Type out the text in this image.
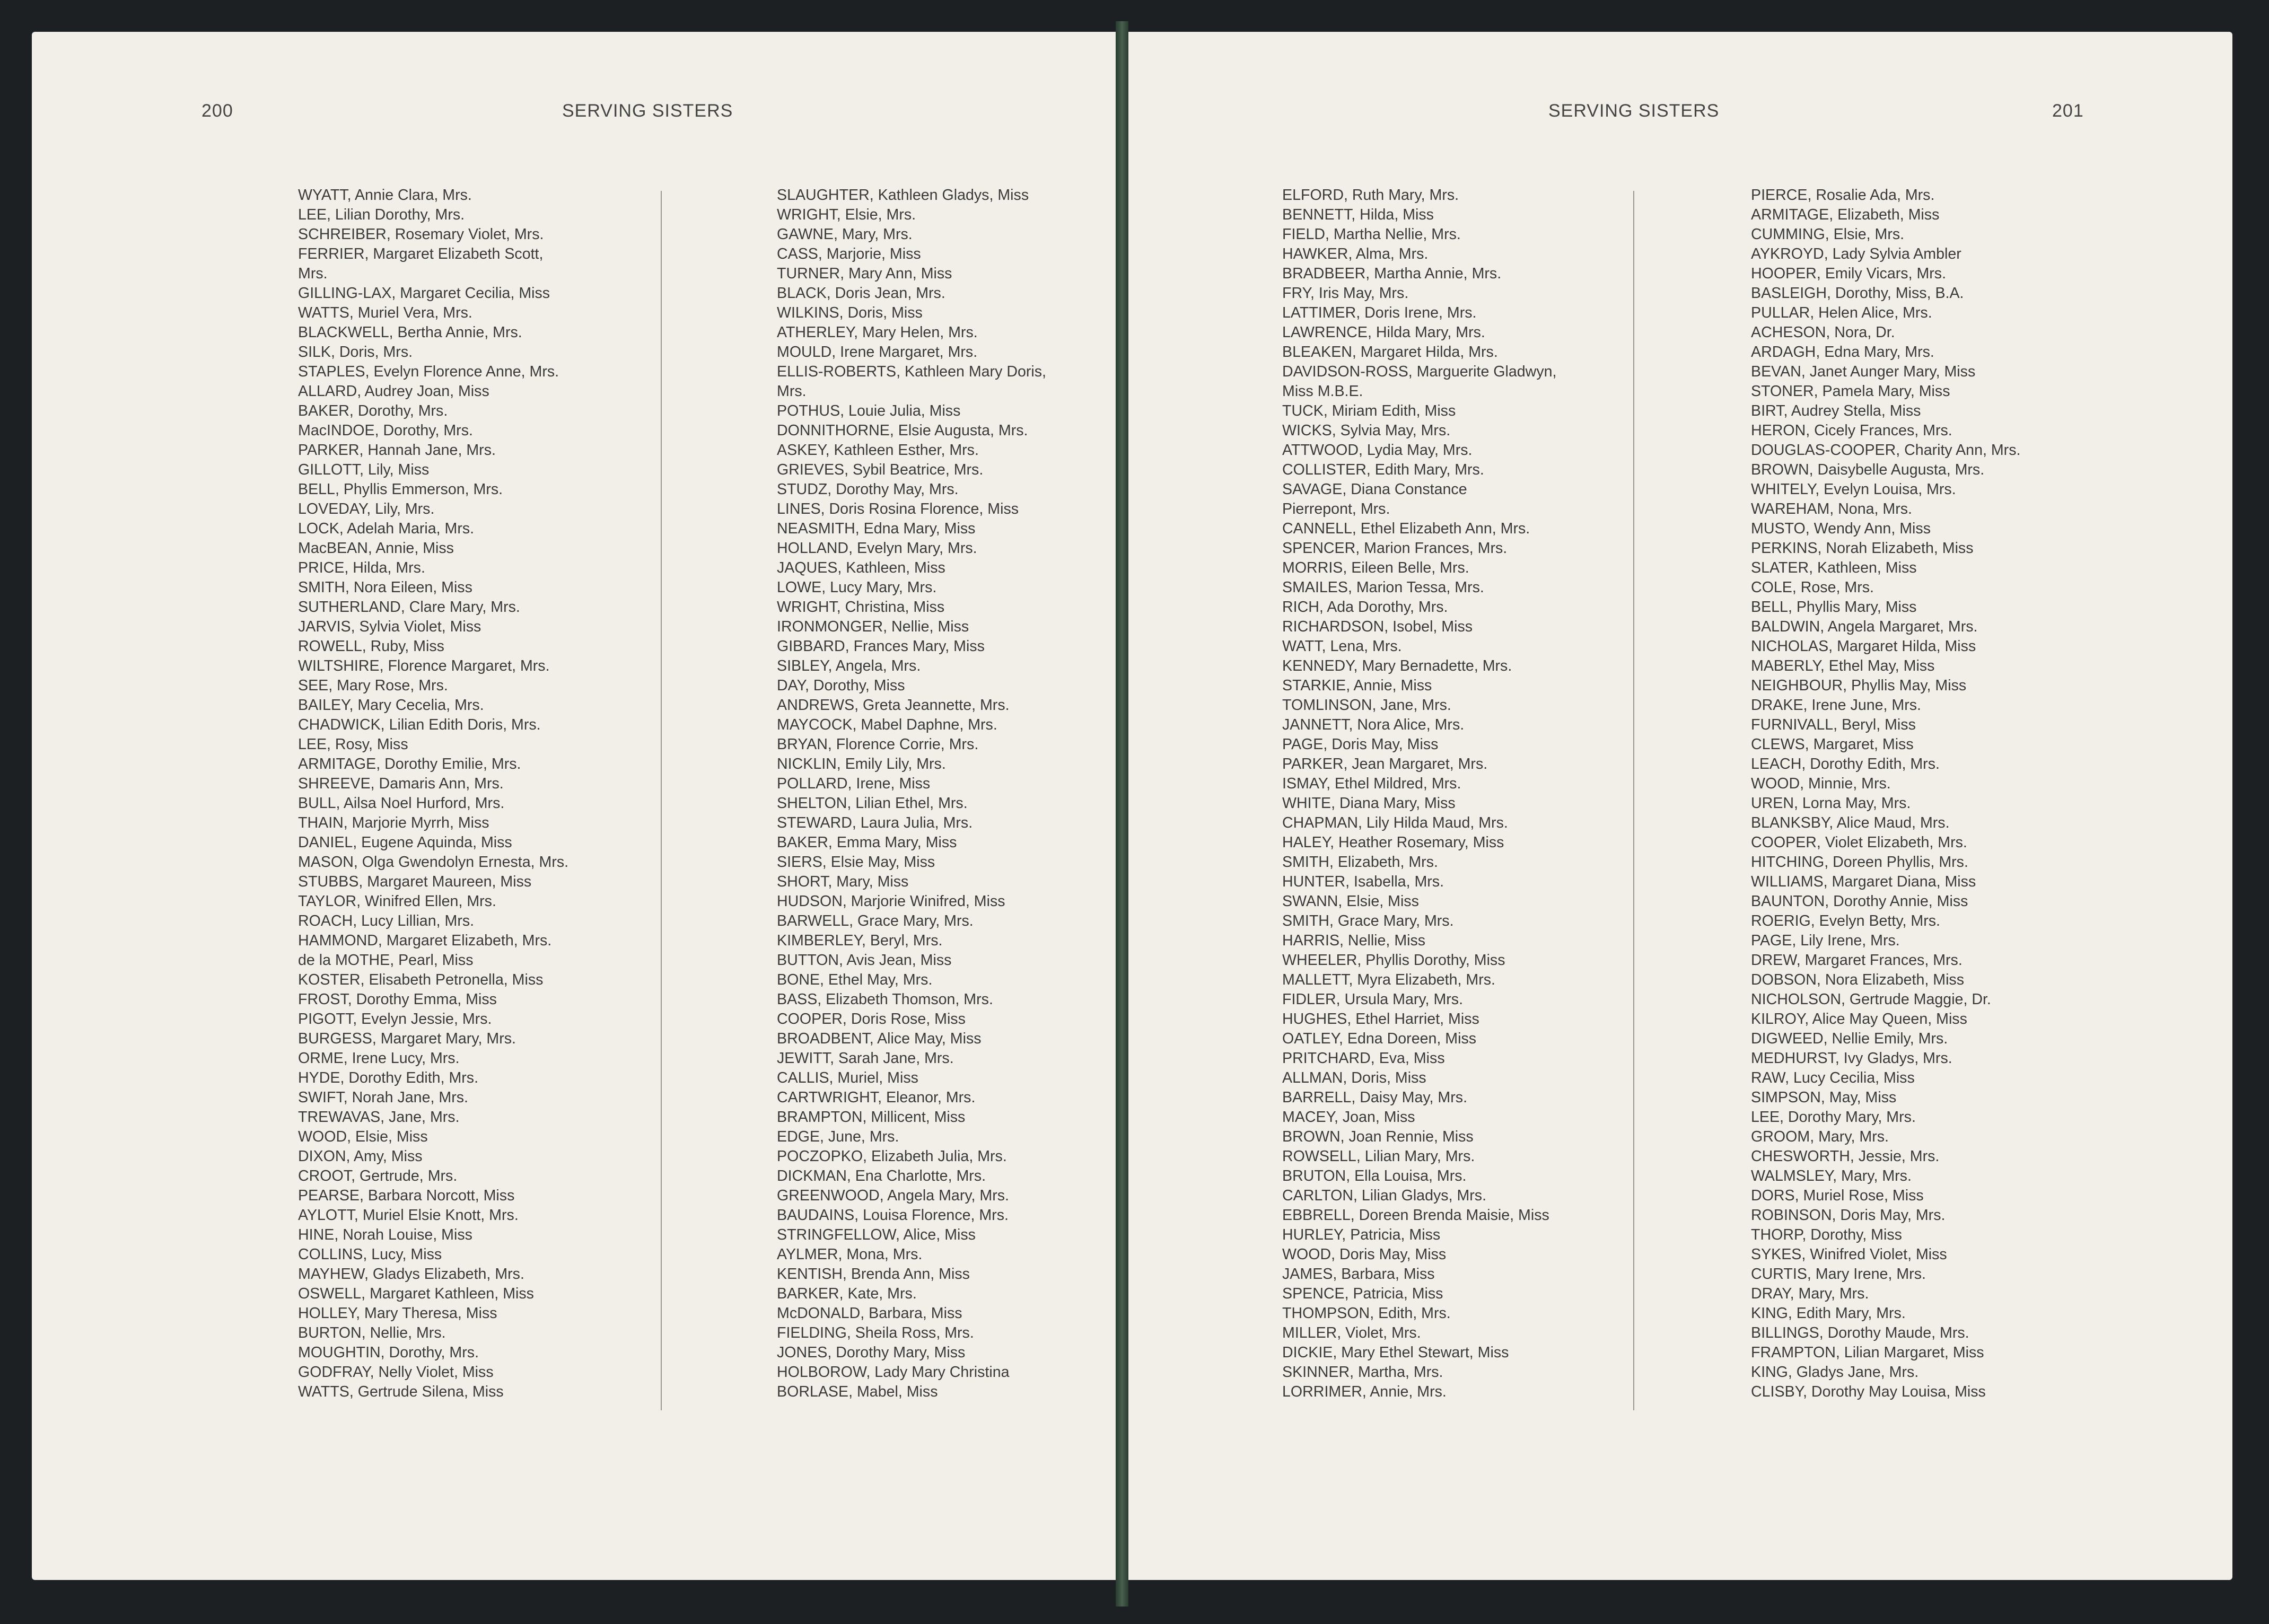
200	SERVING SISTERS	SERVING SISTERS	201
WYATT, Annie Clara, Mrs.
LEE, Lilian Dorothy, Mrs.
SCHREIBER, Rosemary Violet, Mrs.
FERRIER, Margaret Elizabeth Scott,
Mrs.
GILLING-LAX, Margaret Cecilia, Miss
WATTS, Muriel Vera, Mrs.
BLACKWELL, Bertha Annie, Mrs.
SILK, Doris, Mrs.
STAPLES, Evelyn Florence Anne, Mrs.
ALLARD, Audrey Joan, Miss
BAKER, Dorothy, Mrs.
MacINDOE, Dorothy, Mrs.
PARKER, Hannah Jane, Mrs.
GILLOTT, Lily, Miss
BELL, Phyllis Emmerson, Mrs.
LOVEDAY, Lily, Mrs.
LOCK, Adelah Maria, Mrs.
MacBEAN, Annie, Miss
PRICE, Hilda, Mrs.
SMITH, Nora Eileen, Miss
SUTHERLAND, Clare Mary, Mrs.
JARVIS, Sylvia Violet, Miss
ROWELL, Ruby, Miss
WILTSHIRE, Florence Margaret, Mrs.
SEE, Mary Rose, Mrs.
BAILEY, Mary Cecelia, Mrs.
CHADWICK, Lilian Edith Doris, Mrs.
LEE, Rosy, Miss
ARMITAGE, Dorothy Emilie, Mrs.
SHREEVE, Damaris Ann, Mrs.
BULL, Ailsa Noel Hurford, Mrs.
THAIN, Marjorie Myrrh, Miss
DANIEL, Eugene Aquinda, Miss
MASON, Olga Gwendolyn Ernesta, Mrs.
STUBBS, Margaret Maureen, Miss
TAYLOR, Winifred Ellen, Mrs.
ROACH, Lucy Lillian, Mrs.
HAMMOND, Margaret Elizabeth, Mrs.
de la MOTHE, Pearl, Miss
KOSTER, Elisabeth Petronella, Miss
FROST, Dorothy Emma, Miss
PIGOTT, Evelyn Jessie, Mrs.
BURGESS, Margaret Mary, Mrs.
ORME, Irene Lucy, Mrs.
HYDE, Dorothy Edith, Mrs.
SWIFT, Norah Jane, Mrs.
TREWAVAS, Jane, Mrs.
WOOD, Elsie, Miss
DIXON, Amy, Miss
CROOT, Gertrude, Mrs.
PEARSE, Barbara Norcott, Miss
AYLOTT, Muriel Elsie Knott, Mrs.
HINE, Norah Louise, Miss
COLLINS, Lucy, Miss
MAYHEW, Gladys Elizabeth, Mrs.
OSWELL, Margaret Kathleen, Miss
HOLLEY, Mary Theresa, Miss
BURTON, Nellie, Mrs.
MOUGHTIN, Dorothy, Mrs.
GODFRAY, Nelly Violet, Miss
WATTS, Gertrude Silena, Miss
SLAUGHTER, Kathleen Gladys, Miss
WRIGHT, Elsie, Mrs.
GAWNE, Mary, Mrs.
CASS, Marjorie, Miss
TURNER, Mary Ann, Miss
BLACK, Doris Jean, Mrs.
WILKINS, Doris, Miss
ATHERLEY, Mary Helen, Mrs.
MOULD, Irene Margaret, Mrs.
ELLIS-ROBERTS, Kathleen Mary Doris,
Mrs.
POTHUS, Louie Julia, Miss
DONNITHORNE, Elsie Augusta, Mrs.
ASKEY, Kathleen Esther, Mrs.
GRIEVES, Sybil Beatrice, Mrs.
STUDZ, Dorothy May, Mrs.
LINES, Doris Rosina Florence, Miss
NEASMITH, Edna Mary, Miss
HOLLAND, Evelyn Mary, Mrs.
JAQUES, Kathleen, Miss
LOWE, Lucy Mary, Mrs.
WRIGHT, Christina, Miss
IRONMONGER, Nellie, Miss
GIBBARD, Frances Mary, Miss
SIBLEY, Angela, Mrs.
DAY, Dorothy, Miss
ANDREWS, Greta Jeannette, Mrs.
MAYCOCK, Mabel Daphne, Mrs.
BRYAN, Florence Corrie, Mrs.
NICKLIN, Emily Lily, Mrs.
POLLARD, Irene, Miss
SHELTON, Lilian Ethel, Mrs.
STEWARD, Laura Julia, Mrs.
BAKER, Emma Mary, Miss
SIERS, Elsie May, Miss
SHORT, Mary, Miss
HUDSON, Marjorie Winifred, Miss
BARWELL, Grace Mary, Mrs.
KIMBERLEY, Beryl, Mrs.
BUTTON, Avis Jean, Miss
BONE, Ethel May, Mrs.
BASS, Elizabeth Thomson, Mrs.
COOPER, Doris Rose, Miss
BROADBENT, Alice May, Miss
JEWITT, Sarah Jane, Mrs.
CALLIS, Muriel, Miss
CARTWRIGHT, Eleanor, Mrs.
BRAMPTON, Millicent, Miss
EDGE, June, Mrs.
POCZOPKO, Elizabeth Julia, Mrs.
DICKMAN, Ena Charlotte, Mrs.
GREENWOOD, Angela Mary, Mrs.
BAUDAINS, Louisa Florence, Mrs.
STRINGFELLOW, Alice, Miss
AYLMER, Mona, Mrs.
KENTISH, Brenda Ann, Miss
BARKER, Kate, Mrs.
McDONALD, Barbara, Miss
FIELDING, Sheila Ross, Mrs.
JONES, Dorothy Mary, Miss
HOLBOROW, Lady Mary Christina
BORLASE, Mabel, Miss
ELFORD, Ruth Mary, Mrs.
BENNETT, Hilda, Miss
FIELD, Martha Nellie, Mrs.
HAWKER, Alma, Mrs.
BRADBEER, Martha Annie, Mrs.
FRY, Iris May, Mrs.
LATTIMER, Doris Irene, Mrs.
LAWRENCE, Hilda Mary, Mrs.
BLEAKEN, Margaret Hilda, Mrs.
DAVIDSON-ROSS, Marguerite Gladwyn,
Miss M.B.E.
TUCK, Miriam Edith, Miss
WICKS, Sylvia May, Mrs.
ATTWOOD, Lydia May, Mrs.
COLLISTER, Edith Mary, Mrs.
SAVAGE, Diana Constance
Pierrepont, Mrs.
CANNELL, Ethel Elizabeth Ann, Mrs.
SPENCER, Marion Frances, Mrs.
MORRIS, Eileen Belle, Mrs.
SMAILES, Marion Tessa, Mrs.
RICH, Ada Dorothy, Mrs.
RICHARDSON, Isobel, Miss
WATT, Lena, Mrs.
KENNEDY, Mary Bernadette, Mrs.
STARKIE, Annie, Miss
TOMLINSON, Jane, Mrs.
JANNETT, Nora Alice, Mrs.
PAGE, Doris May, Miss
PARKER, Jean Margaret, Mrs.
ISMAY, Ethel Mildred, Mrs.
WHITE, Diana Mary, Miss
CHAPMAN, Lily Hilda Maud, Mrs.
HALEY, Heather Rosemary, Miss
SMITH, Elizabeth, Mrs.
HUNTER, Isabella, Mrs.
SWANN, Elsie, Miss
SMITH, Grace Mary, Mrs.
HARRIS, Nellie, Miss
WHEELER, Phyllis Dorothy, Miss
MALLETT, Myra Elizabeth, Mrs.
FIDLER, Ursula Mary, Mrs.
HUGHES, Ethel Harriet, Miss
OATLEY, Edna Doreen, Miss
PRITCHARD, Eva, Miss
ALLMAN, Doris, Miss
BARRELL, Daisy May, Mrs.
MACEY, Joan, Miss
BROWN, Joan Rennie, Miss
ROWSELL, Lilian Mary, Mrs.
BRUTON, Ella Louisa, Mrs.
CARLTON, Lilian Gladys, Mrs.
EBBRELL, Doreen Brenda Maisie, Miss
HURLEY, Patricia, Miss
WOOD, Doris May, Miss
JAMES, Barbara, Miss
SPENCE, Patricia, Miss
THOMPSON, Edith, Mrs.
MILLER, Violet, Mrs.
DICKIE, Mary Ethel Stewart, Miss
SKINNER, Martha, Mrs.
LORRIMER, Annie, Mrs.
PIERCE, Rosalie Ada, Mrs.
ARMITAGE, Elizabeth, Miss
CUMMING, Elsie, Mrs.
AYKROYD, Lady Sylvia Ambler
HOOPER, Emily Vicars, Mrs.
BASLEIGH, Dorothy, Miss, B.A.
PULLAR, Helen Alice, Mrs.
ACHESON, Nora, Dr.
ARDAGH, Edna Mary, Mrs.
BEVAN, Janet Aunger Mary, Miss
STONER, Pamela Mary, Miss
BIRT, Audrey Stella, Miss
HERON, Cicely Frances, Mrs.
DOUGLAS-COOPER, Charity Ann, Mrs.
BROWN, Daisybelle Augusta, Mrs.
WHITELY, Evelyn Louisa, Mrs.
WAREHAM, Nona, Mrs.
MUSTO, Wendy Ann, Miss
PERKINS, Norah Elizabeth, Miss
SLATER, Kathleen, Miss
COLE, Rose, Mrs.
BELL, Phyllis Mary, Miss
BALDWIN, Angela Margaret, Mrs.
NICHOLAS, Margaret Hilda, Miss
MABERLY, Ethel May, Miss
NEIGHBOUR, Phyllis May, Miss
DRAKE, Irene June, Mrs.
FURNIVALL, Beryl, Miss
CLEWS, Margaret, Miss
LEACH, Dorothy Edith, Mrs.
WOOD, Minnie, Mrs.
UREN, Lorna May, Mrs.
BLANKSBY, Alice Maud, Mrs.
COOPER, Violet Elizabeth, Mrs.
HITCHING, Doreen Phyllis, Mrs.
WILLIAMS, Margaret Diana, Miss
BAUNTON, Dorothy Annie, Miss
ROERIG, Evelyn Betty, Mrs.
PAGE, Lily Irene, Mrs.
DREW, Margaret Frances, Mrs.
DOBSON, Nora Elizabeth, Miss
NICHOLSON, Gertrude Maggie, Dr.
KILROY, Alice May Queen, Miss
DIGWEED, Nellie Emily, Mrs.
MEDHURST, Ivy Gladys, Mrs.
RAW, Lucy Cecilia, Miss
SIMPSON, May, Miss
LEE, Dorothy Mary, Mrs.
GROOM, Mary, Mrs.
CHESWORTH, Jessie, Mrs.
WALMSLEY, Mary, Mrs.
DORS, Muriel Rose, Miss
ROBINSON, Doris May, Mrs.
THORP, Dorothy, Miss
SYKES, Winifred Violet, Miss
CURTIS, Mary Irene, Mrs.
DRAY, Mary, Mrs.
KING, Edith Mary, Mrs.
BILLINGS, Dorothy Maude, Mrs.
FRAMPTON, Lilian Margaret, Miss
KING, Gladys Jane, Mrs.
CLISBY, Dorothy May Louisa, Miss
